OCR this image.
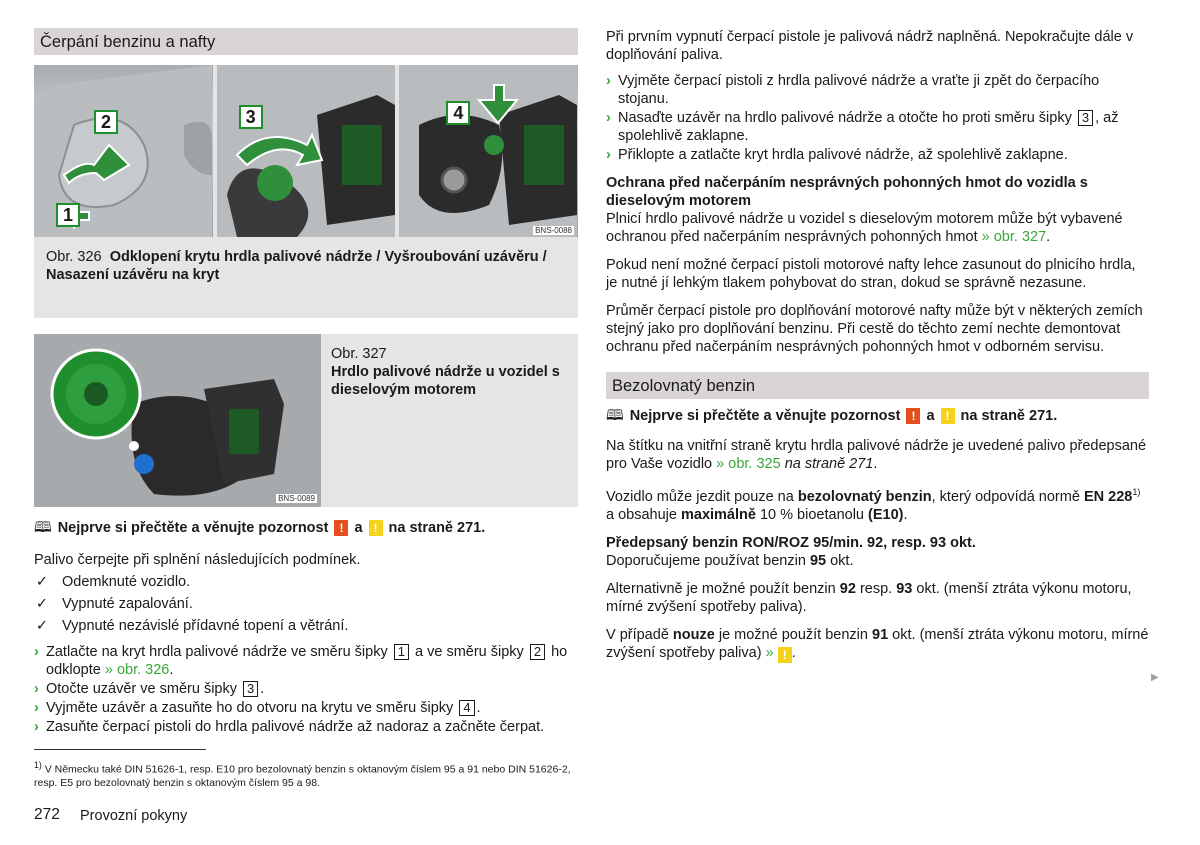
Čerpání benzinu a nafty
1
2	3	4
BNS-0088
Obr. 326 Odklopení krytu hrdla palivové nádrže / Vyšroubování uzávěru / Nasazení uzávěru na kryt
BNS-0089
Obr. 327
Hrdlo palivové nádrže u vozidel s dieselovým motorem
🕮 Nejprve si přečtěte a věnujte pozornost ! a ! na straně 271.
Palivo čerpejte při splnění následujících podmínek.
✓ Odemknuté vozidlo.
✓ Vypnuté zapalování.
✓ Vypnuté nezávislé přídavné topení a větrání.
› Zatlačte na kryt hrdla palivové nádrže ve směru šipky 1 a ve směru šipky 2 ho odklopte » obr. 326.
› Otočte uzávěr ve směru šipky 3 .
› Vyjměte uzávěr a zasuňte ho do otvoru na krytu ve směru šipky 4 .
› Zasuňte čerpací pistoli do hrdla palivové nádrže až nadoraz a začněte čerpat.
Při prvním vypnutí čerpací pistole je palivová nádrž naplněná. Nepokračujte dále v doplňování paliva.
› Vyjměte čerpací pistoli z hrdla palivové nádrže a vraťte ji zpět do čerpacího stojanu.
› Nasaďte uzávěr na hrdlo palivové nádrže a otočte ho proti směru šipky 3 , až spolehlivě zaklapne.
› Přiklopte a zatlačte kryt hrdla palivové nádrže, až spolehlivě zaklapne.
Ochrana před načerpáním nesprávných pohonných hmot do vozidla s dieselovým motorem
Plnicí hrdlo palivové nádrže u vozidel s dieselovým motorem může být vybavené ochranou před načerpáním nesprávných pohonných hmot » obr. 327.
Pokud není možné čerpací pistoli motorové nafty lehce zasunout do plnicího hrdla, je nutné jí lehkým tlakem pohybovat do stran, dokud se správně nezasune.
Průměr čerpací pistole pro doplňování motorové nafty může být v některých zemích stejný jako pro doplňování benzinu. Při cestě do těchto zemí nechte demontovat ochranu před načerpáním nesprávných pohonných hmot v odborném servisu.
Bezolovnatý benzin
🕮 Nejprve si přečtěte a věnujte pozornost ! a ! na straně 271.
Na štítku na vnitřní straně krytu hrdla palivové nádrže je uvedené palivo předepsané pro Vaše vozidlo » obr. 325 na straně 271.
Vozidlo může jezdit pouze na bezolovnatý benzin, který odpovídá normě EN 228$^{1)}$ a obsahuje maximálně 10 % bioetanolu (E10).
Předepsaný benzin RON/ROZ 95/min. 92, resp. 93 okt.
Doporučujeme používat benzin 95 okt.
Alternativně je možné použít benzin 92 resp. 93 okt. (menší ztráta výkonu motoru, mírné zvýšení spotřeby paliva).
V případě nouze je možné použít benzin 91 okt. (menší ztráta výkonu motoru, mírné zvýšení spotřeby paliva) » ! .
▶
$^{1)}$ V Německu také DIN 51626-1, resp. E10 pro bezolovnatý benzin s oktanovým číslem 95 a 91 nebo DIN 51626-2, resp. E5 pro bezolovnatý benzin s oktanovým číslem 95 a 98.
272 Provozní pokyny
